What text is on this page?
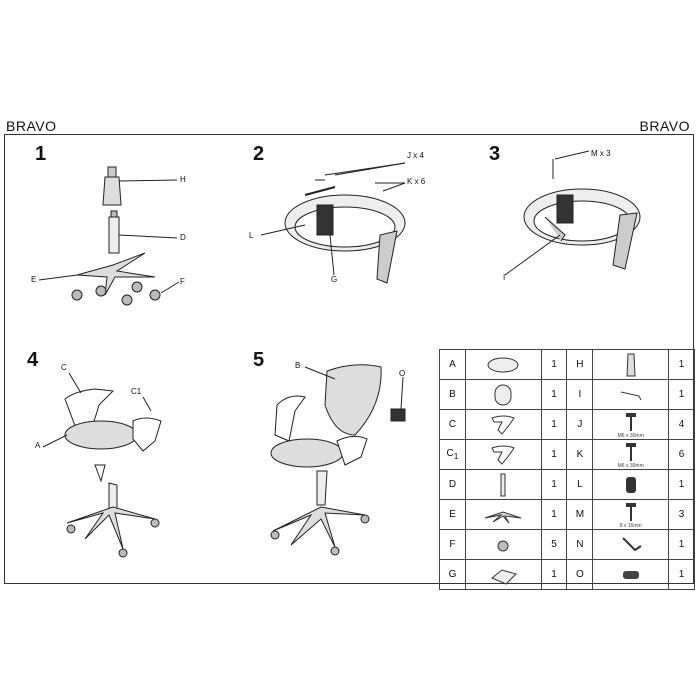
BRAVO	BRAVO
1	2	3
4	5
H
D
E	F
J x 4
K x 6
L
G
M x 3
I
C
C1
A
B
O
A		1	H		1
B		1	I		1
C		1	J	M6 x 30mm	4
$C_1$		1	K	M6 x 30mm	6
D		1	L		1
E		1	M	8 x 16mm	3
F		5	N		1
G		1	O		1
